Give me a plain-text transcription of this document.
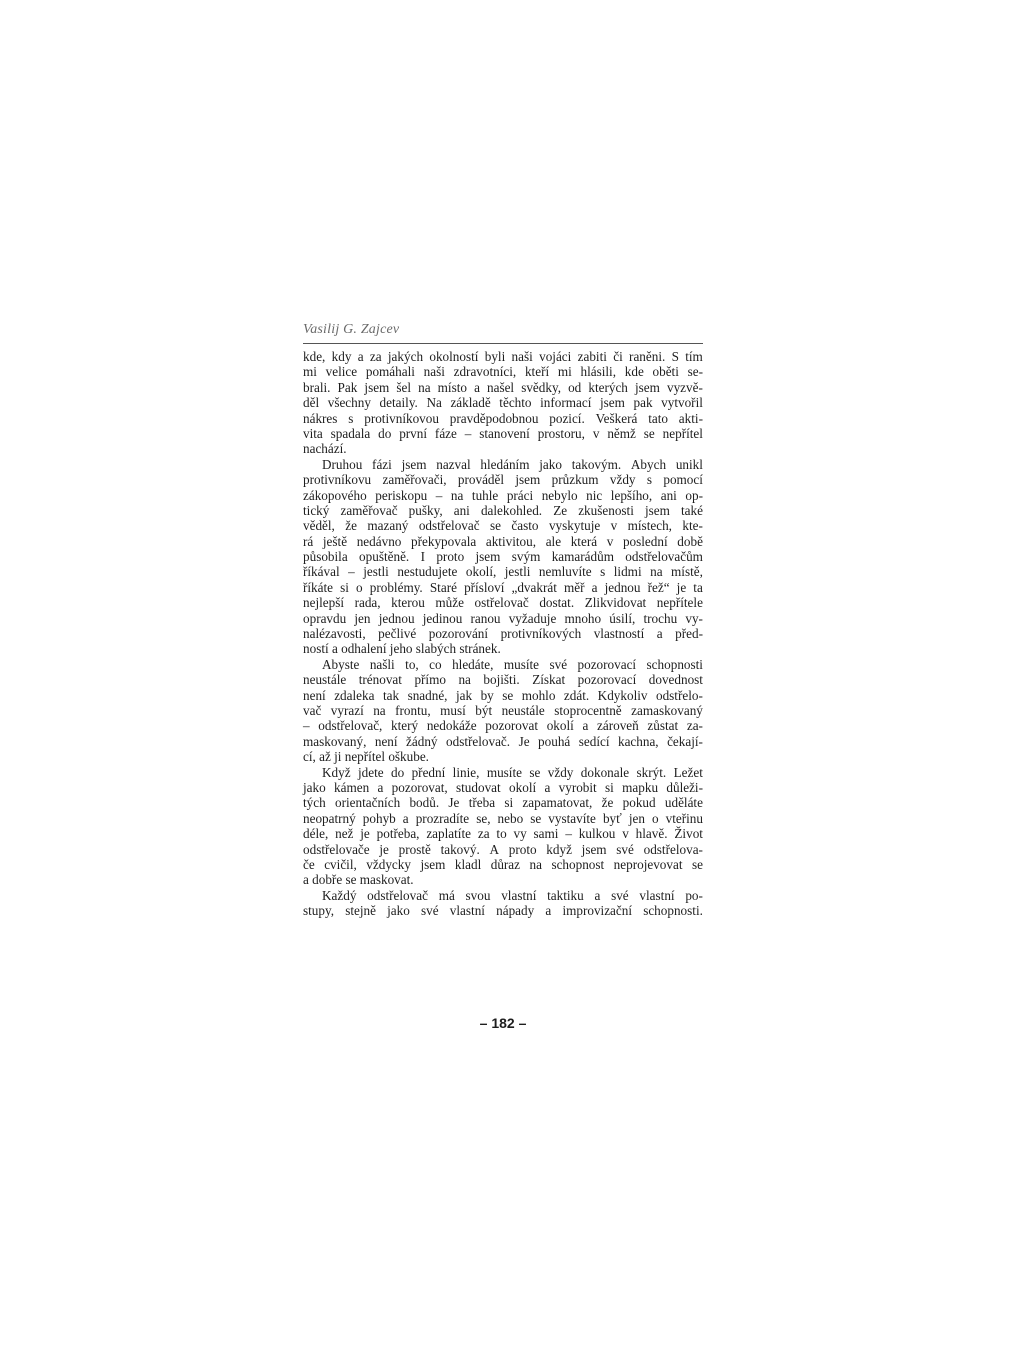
Vasilij G. Zajcev
kde, kdy a za jakých okolností byli naši vojáci zabiti či raněni. S tím
mi velice pomáhali naši zdravotníci, kteří mi hlásili, kde oběti se-
brali. Pak jsem šel na místo a našel svědky, od kterých jsem vyzvě-
děl všechny detaily. Na základě těchto informací jsem pak vytvořil
nákres s protivníkovou pravděpodobnou pozicí. Veškerá tato akti-
vita spadala do první fáze – stanovení prostoru, v němž se nepřítel
nachází.
Druhou fázi jsem nazval hledáním jako takovým. Abych unikl
protivníkovu zaměřovači, prováděl jsem průzkum vždy s pomocí
zákopového periskopu – na tuhle práci nebylo nic lepšího, ani op-
tický zaměřovač pušky, ani dalekohled. Ze zkušenosti jsem také
věděl, že mazaný odstřelovač se často vyskytuje v místech, kte-
rá ještě nedávno překypovala aktivitou, ale která v poslední době
působila opuštěně. I proto jsem svým kamarádům odstřelovačům
říkával – jestli nestudujete okolí, jestli nemluvíte s lidmi na místě,
říkáte si o problémy. Staré přísloví „dvakrát měř a jednou řež“ je ta
nejlepší rada, kterou může ostřelovač dostat. Zlikvidovat nepřítele
opravdu jen jednou jedinou ranou vyžaduje mnoho úsilí, trochu vy-
nalézavosti, pečlivé pozorování protivníkových vlastností a před-
ností a odhalení jeho slabých stránek.
Abyste našli to, co hledáte, musíte své pozorovací schopnosti
neustále trénovat přímo na bojišti. Získat pozorovací dovednost
není zdaleka tak snadné, jak by se mohlo zdát. Kdykoliv odstřelo-
vač vyrazí na frontu, musí být neustále stoprocentně zamaskovaný
– odstřelovač, který nedokáže pozorovat okolí a zároveň zůstat za-
maskovaný, není žádný odstřelovač. Je pouhá sedící kachna, čekají-
cí, až ji nepřítel oškube.
Když jdete do přední linie, musíte se vždy dokonale skrýt. Ležet
jako kámen a pozorovat, studovat okolí a vyrobit si mapku důleži-
tých orientačních bodů. Je třeba si zapamatovat, že pokud uděláte
neopatrný pohyb a prozradíte se, nebo se vystavíte byť jen o vteřinu
déle, než je potřeba, zaplatíte za to vy sami – kulkou v hlavě. Život
odstřelovače je prostě takový. A proto když jsem své odstřelova-
če cvičil, vždycky jsem kladl důraz na schopnost neprojevovat se
a dobře se maskovat.
Každý odstřelovač má svou vlastní taktiku a své vlastní po-
stupy, stejně jako své vlastní nápady a improvizační schopnosti.
– 182 –
